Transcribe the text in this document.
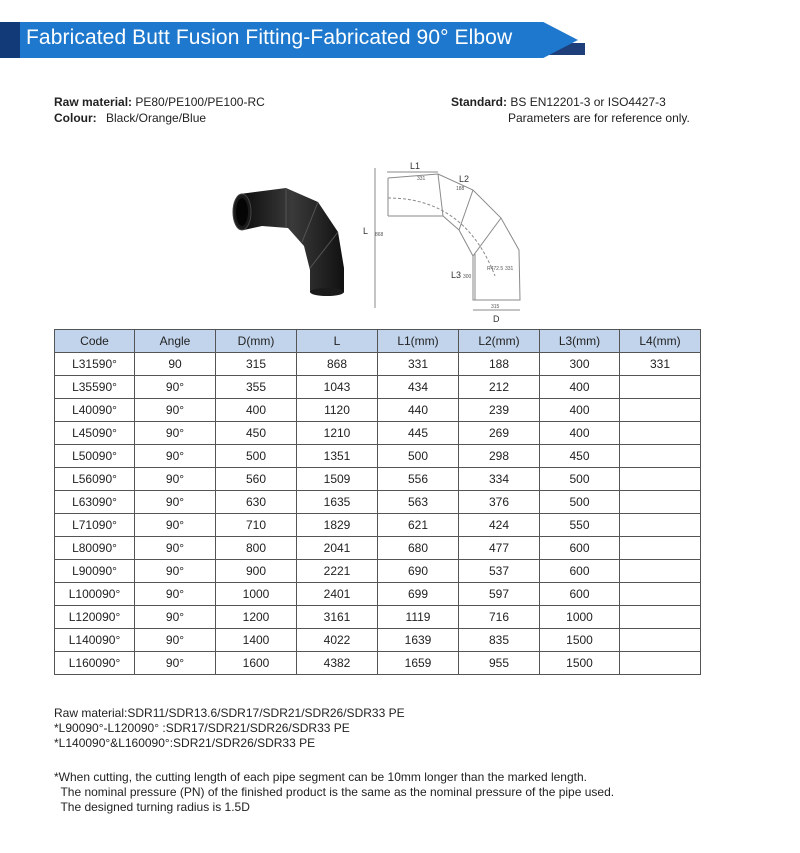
Fabricated Butt Fusion Fitting-Fabricated 90° Elbow
Raw material: PE80/PE100/PE100-RC
Colour: Black/Orange/Blue
Standard: BS EN12201-3 or ISO4427-3
Parameters are for reference only.
L1
331	L2
188
L 868
L3 300
R472.5 331
315
D
Code	Angle	D(mm)	L	L1(mm)	L2(mm)	L3(mm)	L4(mm)
L31590°	90	315	868	331	188	300	331
L35590°	90°	355	1043	434	212	400	
L40090°	90°	400	1120	440	239	400	
L45090°	90°	450	1210	445	269	400	
L50090°	90°	500	1351	500	298	450	
L56090°	90°	560	1509	556	334	500	
L63090°	90°	630	1635	563	376	500	
L71090°	90°	710	1829	621	424	550	
L80090°	90°	800	2041	680	477	600	
L90090°	90°	900	2221	690	537	600	
L100090°	90°	1000	2401	699	597	600	
L120090°	90°	1200	3161	1119	716	1000	
L140090°	90°	1400	4022	1639	835	1500	
L160090°	90°	1600	4382	1659	955	1500	
Raw material:SDR11/SDR13.6/SDR17/SDR21/SDR26/SDR33 PE
*L90090°-L120090° :SDR17/SDR21/SDR26/SDR33 PE
*L140090°&L160090°:SDR21/SDR26/SDR33 PE
*When cutting, the cutting length of each pipe segment can be 10mm longer than the marked length.
The nominal pressure (PN) of the finished product is the same as the nominal pressure of the pipe used.
The designed turning radius is 1.5D
